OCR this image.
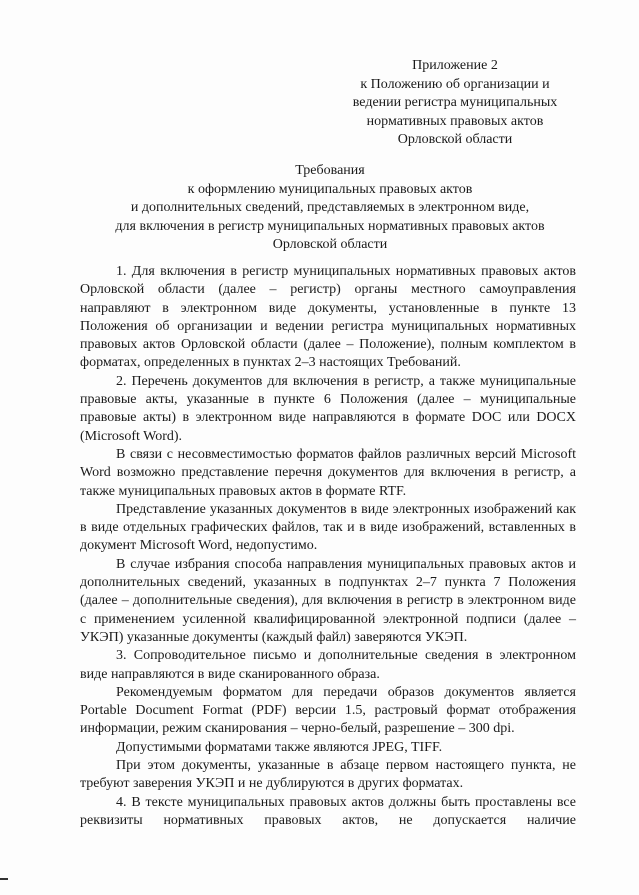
Приложение 2
к Положению об организации и
ведении регистра муниципальных
нормативных правовых актов
Орловской области
Требования
к оформлению муниципальных правовых актов
и дополнительных сведений, представляемых в электронном виде,
для включения в регистр муниципальных нормативных правовых актов
Орловской области

1. Для включения в регистр муниципальных нормативных правовых актов Орловской области (далее – регистр) органы местного самоуправления направляют в электронном виде документы, установленные в пункте 13 Положения об организации и ведении регистра муниципальных нормативных правовых актов Орловской области (далее – Положение), полным комплектом в форматах, определенных в пунктах 2–3 настоящих Требований.

2. Перечень документов для включения в регистр, а также муниципальные правовые акты, указанные в пункте 6 Положения (далее – муниципальные правовые акты) в электронном виде направляются в формате DOC или DOCX (Microsoft Word).

В связи с несовместимостью форматов файлов различных версий Microsoft Word возможно представление перечня документов для включения в регистр, а также муниципальных правовых актов в формате RTF.

Представление указанных документов в виде электронных изображений как в виде отдельных графических файлов, так и в виде изображений, вставленных в документ Microsoft Word, недопустимо.

В случае избрания способа направления муниципальных правовых актов и дополнительных сведений, указанных в подпунктах 2–7 пункта 7 Положения (далее – дополнительные сведения), для включения в регистр в электронном виде с применением усиленной квалифицированной электронной подписи (далее – УКЭП) указанные документы (каждый файл) заверяются УКЭП.

3. Сопроводительное письмо и дополнительные сведения в электронном виде направляются в виде сканированного образа.

Рекомендуемым форматом для передачи образов документов является Portable Document Format (PDF) версии 1.5, растровый формат отображения информации, режим сканирования – черно-белый, разрешение – 300 dpi.

Допустимыми форматами также являются JPEG, TIFF.

При этом документы, указанные в абзаце первом настоящего пункта, не требуют заверения УКЭП и не дублируются в других форматах.

4. В тексте муниципальных правовых актов должны быть проставлены все реквизиты нормативных правовых актов, не допускается наличие
